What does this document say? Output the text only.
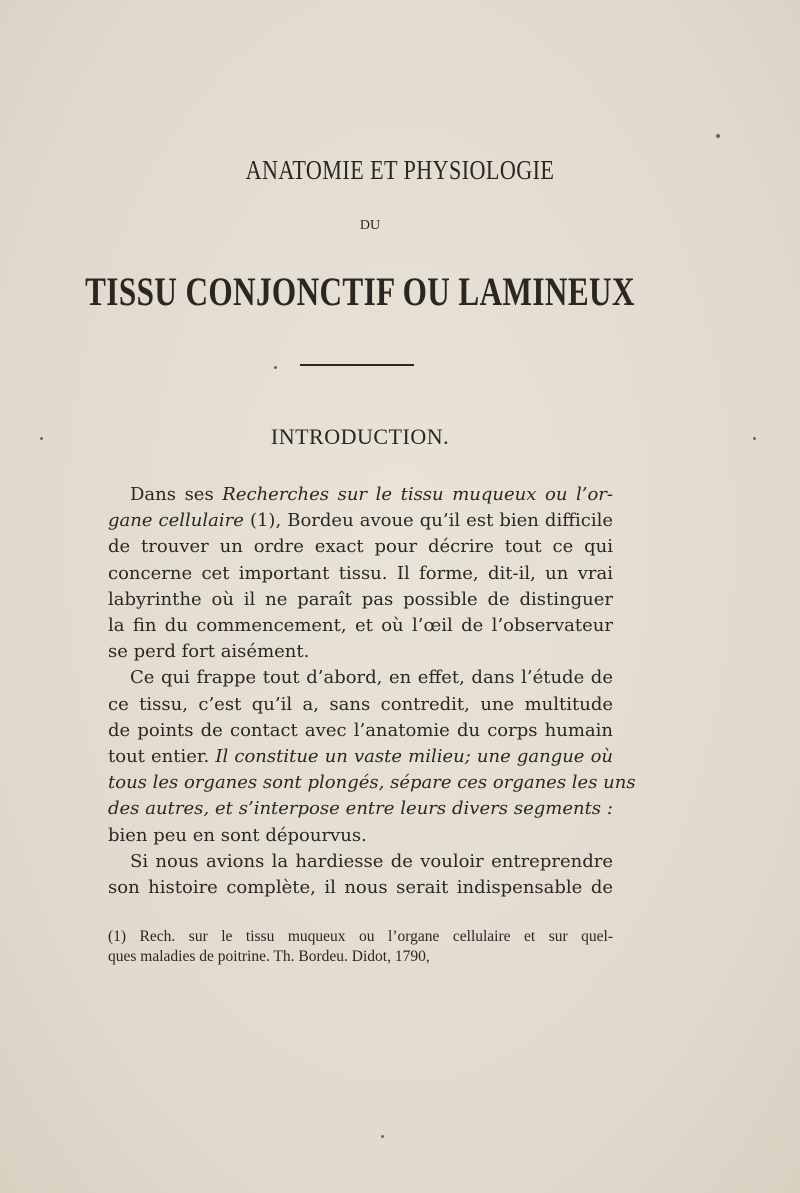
ANATOMIE ET PHYSIOLOGIE
DU
TISSU CONJONCTIF OU LAMINEUX
INTRODUCTION.

Dans ses Recherches sur le tissu muqueux ou l’or-
gane cellulaire (1), Bordeu avoue qu’il est bien difficile
de trouver un ordre exact pour décrire tout ce qui
concerne cet important tissu. Il forme, dit-il, un vrai
labyrinthe où il ne paraît pas possible de distinguer
la fin du commencement, et où l’œil de l’observateur
se perd fort aisément.

Ce qui frappe tout d’abord, en effet, dans l’étude de
ce tissu, c’est qu’il a, sans contredit, une multitude
de points de contact avec l’anatomie du corps humain
tout entier. Il constitue un vaste milieu; une gangue où
tous les organes sont plongés, sépare ces organes les uns
des autres, et s’interpose entre leurs divers segments :
bien peu en sont dépourvus.

Si nous avions la hardiesse de vouloir entreprendre
son histoire complète, il nous serait indispensable de

(1) Rech. sur le tissu muqueux ou l’organe cellulaire et sur quel-
ques maladies de poitrine. Th. Bordeu. Didot, 1790,
